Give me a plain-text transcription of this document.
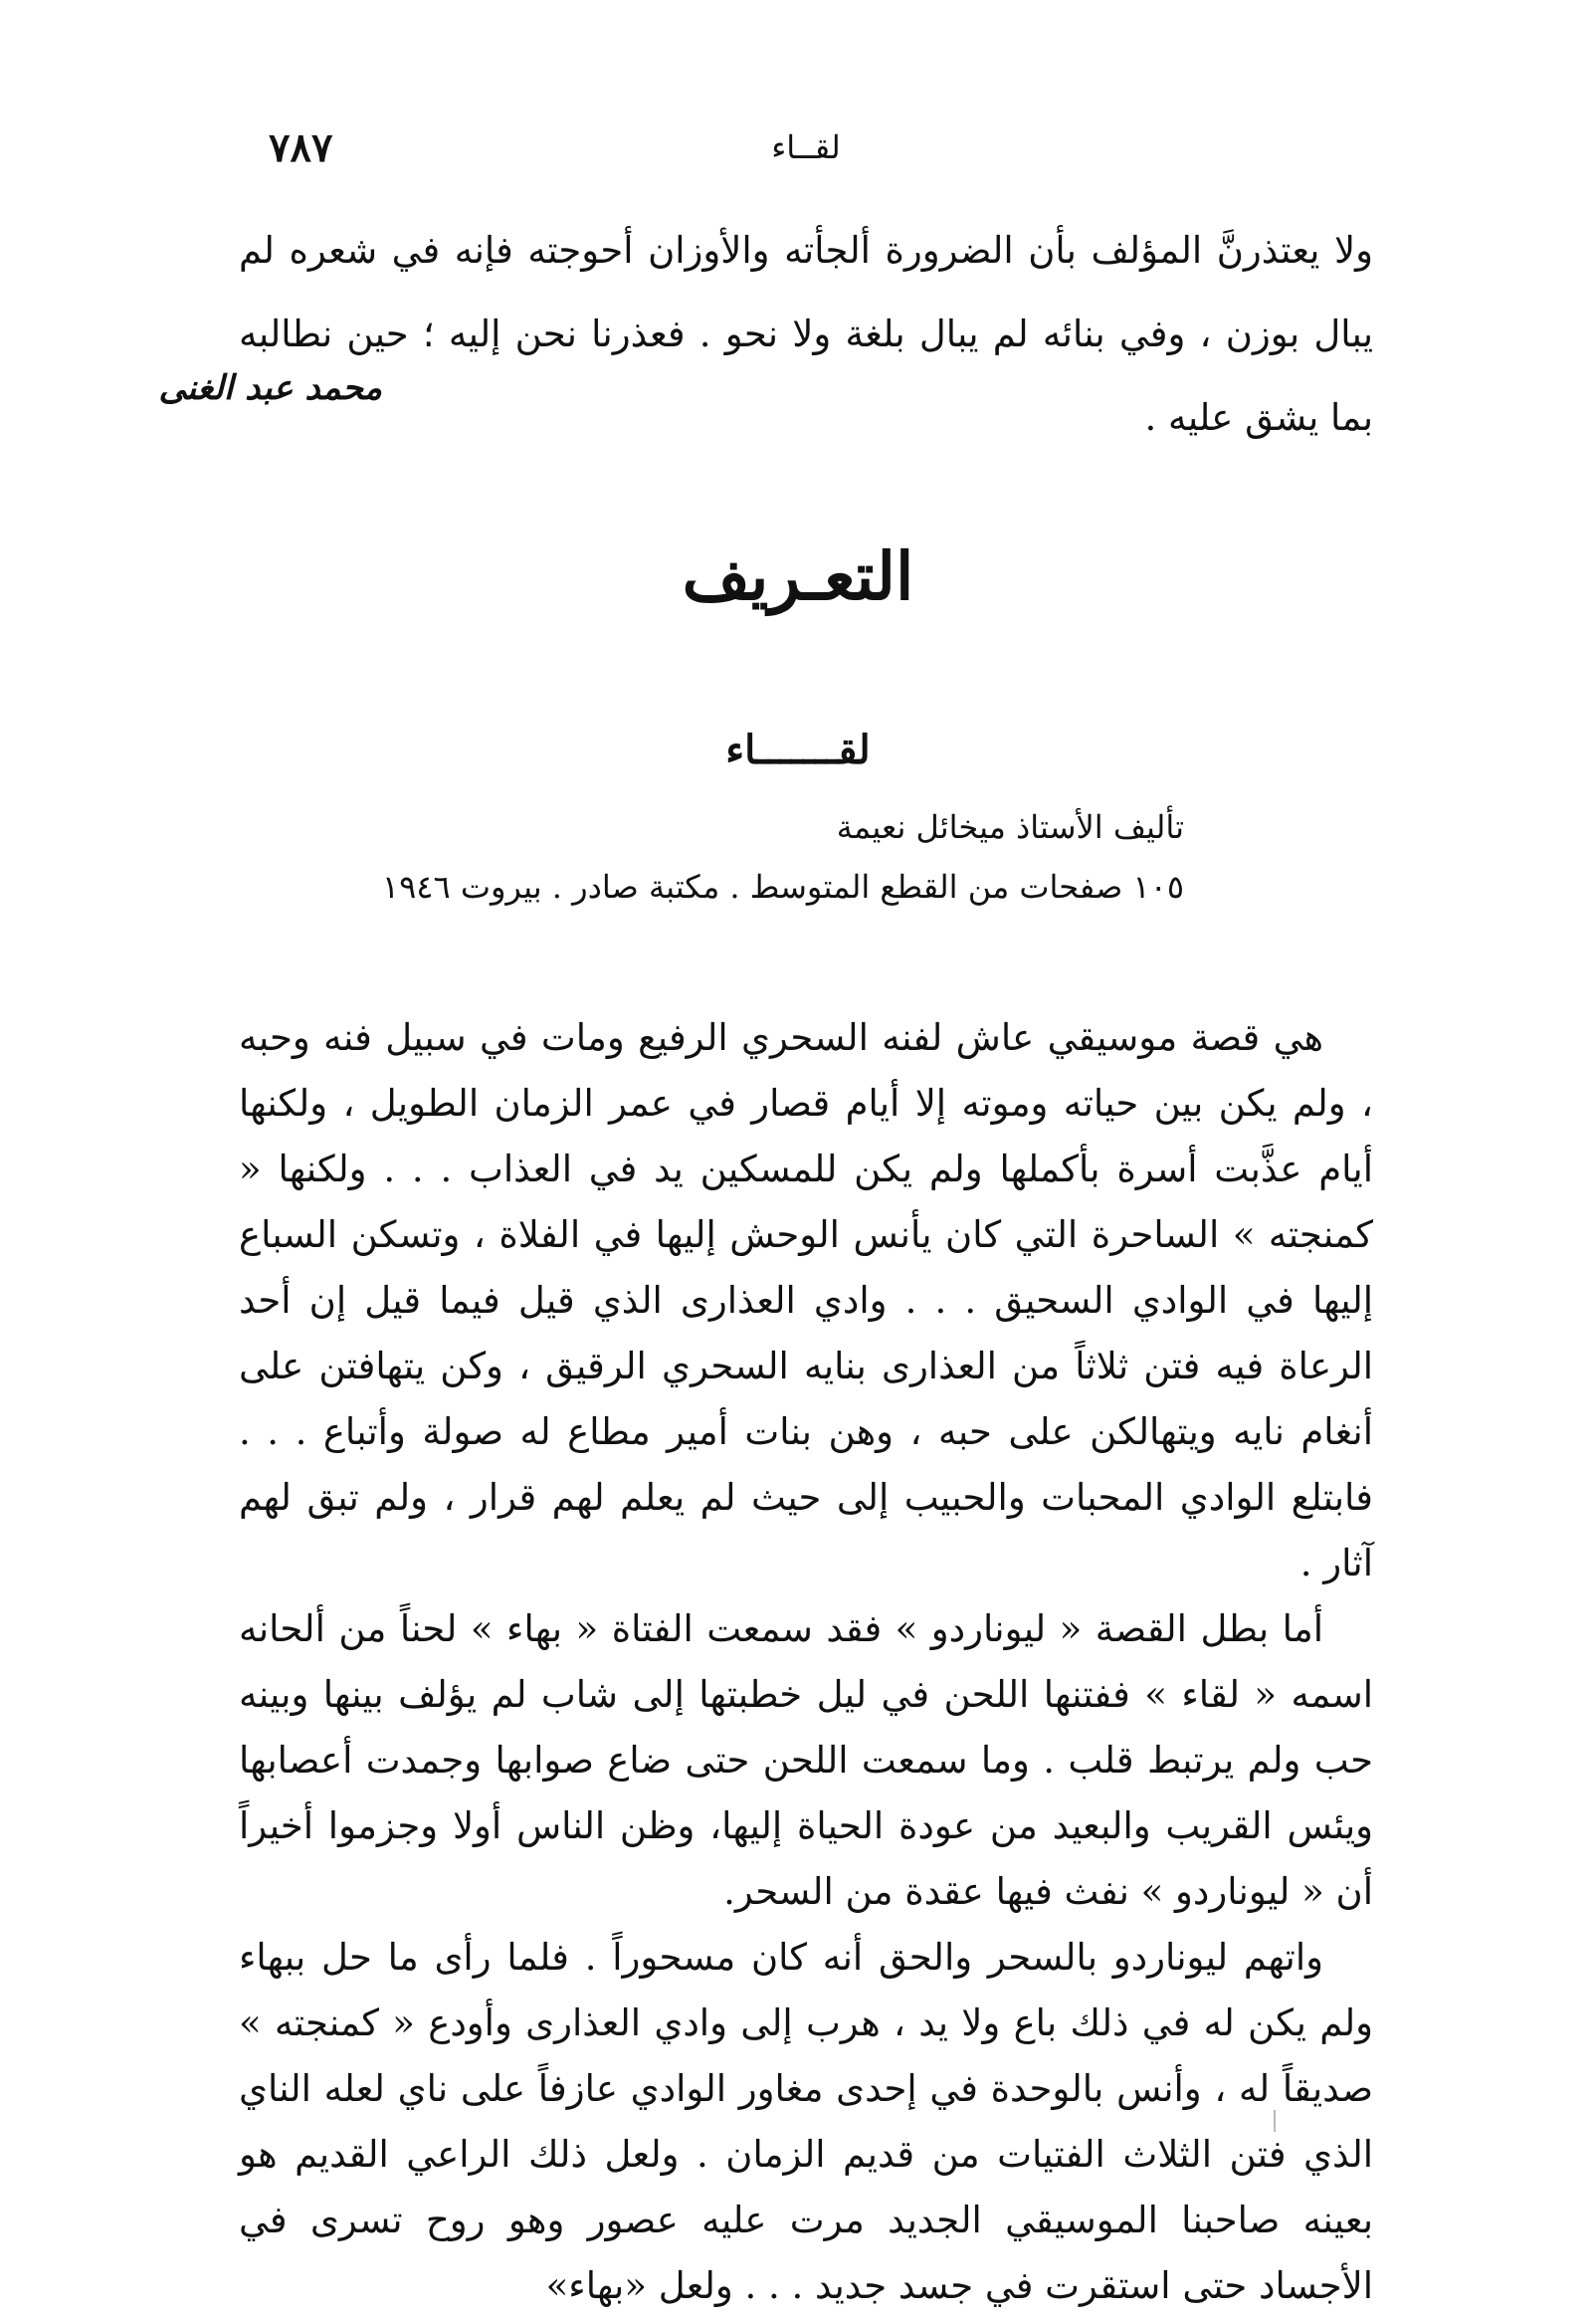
٧٨٧	لقــاء

ولا يعتذرنَّ المؤلف بأن الضرورة ألجأته والأوزان أحوجته فإنه في شعره لم يبال بوزن ، وفي بنائه لم يبال بلغة ولا نحو . فعذرنا نحن إليه ؛ حين نطالبه بما يشق عليه .

محمد عبد الغنى
التعـريف
لقـــــــاء
تأليف الأستاذ ميخائل نعيمة
١٠٥ صفحات من القطع المتوسط . مكتبة صادر . بيروت ١٩٤٦

هي قصة موسيقي عاش لفنه السحري الرفيع ومات في سبيل فنه وحبه ، ولم يكن بين حياته وموته إلا أيام قصار في عمر الزمان الطويل ، ولكنها أيام عذَّبت أسرة بأكملها ولم يكن للمسكين يد في العذاب . . . ولكنها « كمنجته » الساحرة التي كان يأنس الوحش إليها في الفلاة ، وتسكن السباع إليها في الوادي السحيق . . . وادي العذارى الذي قيل فيما قيل إن أحد الرعاة فيه فتن ثلاثاً من العذارى بنايه السحري الرقيق ، وكن يتهافتن على أنغام نايه ويتهالكن على حبه ، وهن بنات أمير مطاع له صولة وأتباع . . . فابتلع الوادي المحبات والحبيب إلى حيث لم يعلم لهم قرار ، ولم تبق لهم آثار .

أما بطل القصة « ليوناردو » فقد سمعت الفتاة « بهاء » لحناً من ألحانه اسمه « لقاء » ففتنها اللحن في ليل خطبتها إلى شاب لم يؤلف بينها وبينه حب ولم يرتبط قلب . وما سمعت اللحن حتى ضاع صوابها وجمدت أعصابها ويئس القريب والبعيد من عودة الحياة إليها، وظن الناس أولا وجزموا أخيراً أن « ليوناردو » نفث فيها عقدة من السحر.

واتهم ليوناردو بالسحر والحق أنه كان مسحوراً . فلما رأى ما حل ببهاء ولم يكن له في ذلك باع ولا يد ، هرب إلى وادي العذارى وأودع « كمنجته » صديقاً له ، وأنس بالوحدة في إحدى مغاور الوادي عازفاً على ناي لعله الناي الذي فتن الثلاث الفتيات من قديم الزمان . ولعل ذلك الراعي القديم هو بعينه صاحبنا الموسيقي الجديد مرت عليه عصور وهو روح تسرى في الأجساد حتى استقرت في جسد جديد . . . ولعل «بهاء»
